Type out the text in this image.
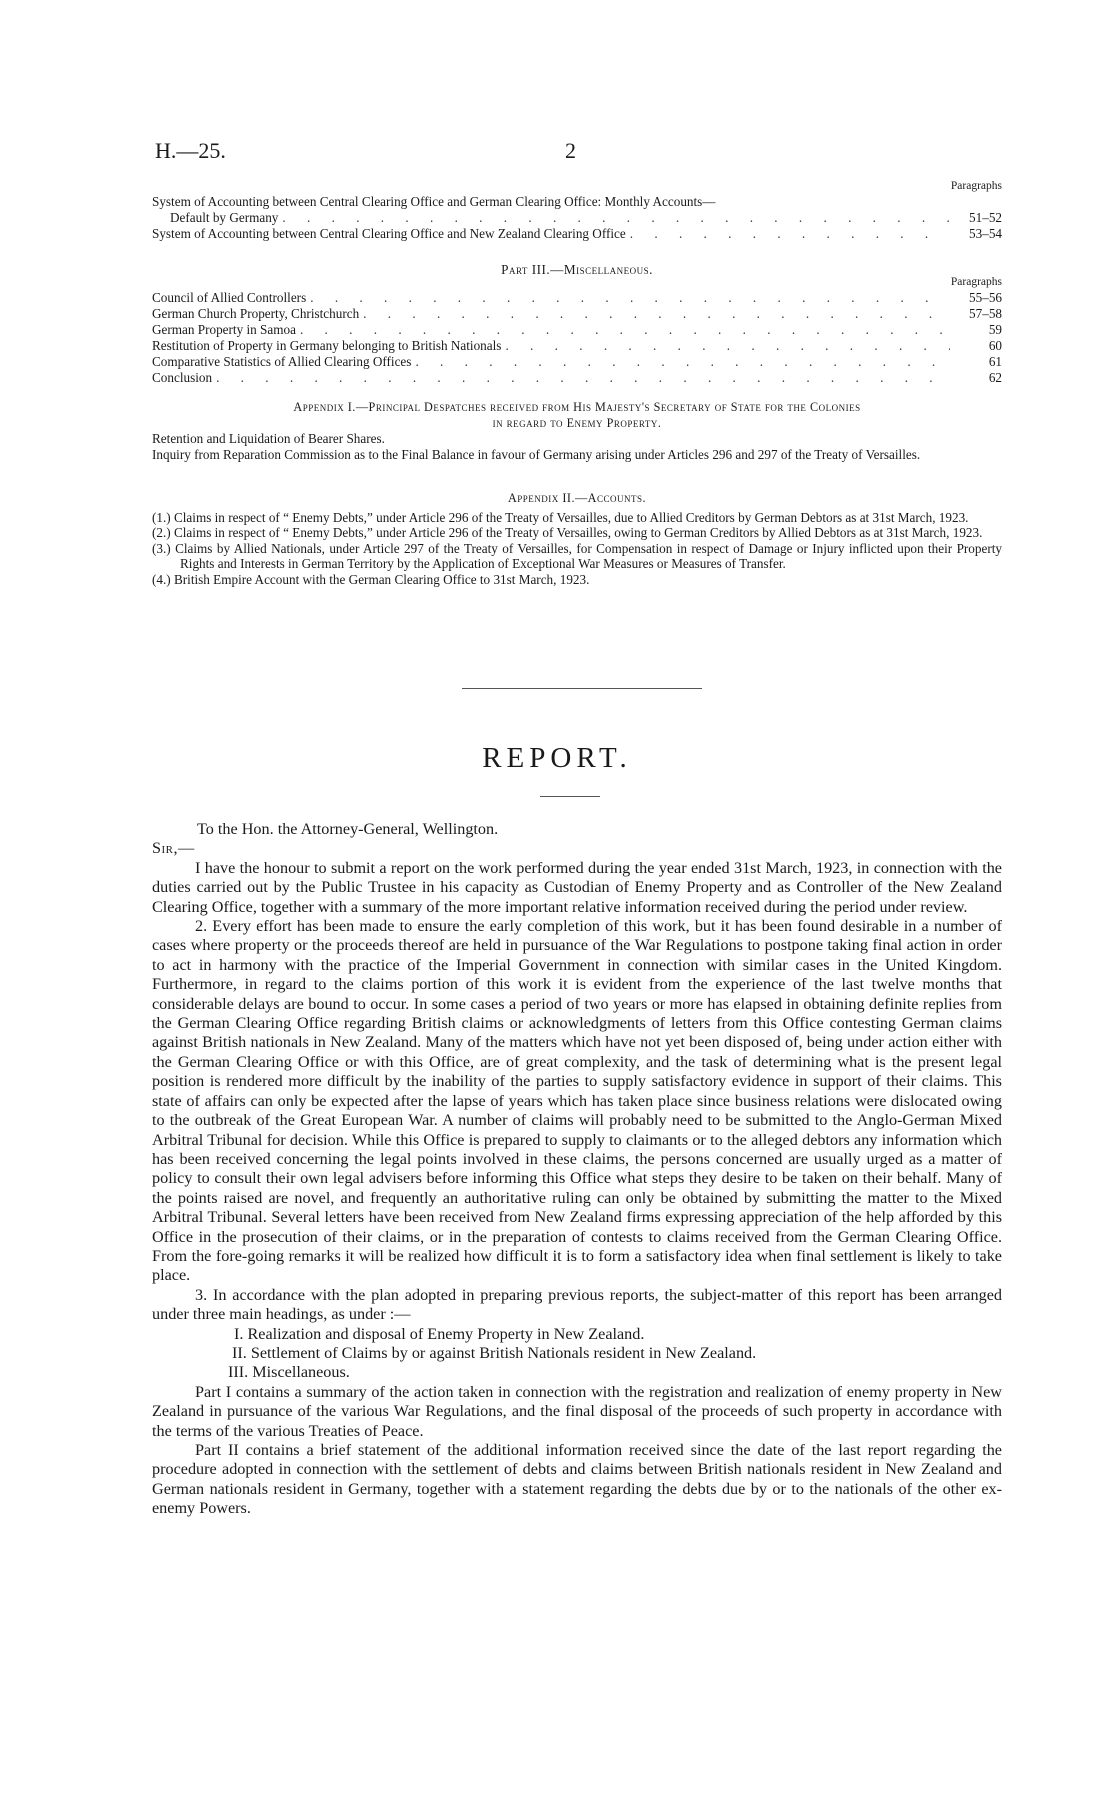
H.—25.	2
Paragraphs
System of Accounting between Central Clearing Office and German Clearing Office: Monthly Accounts—
Default by Germany . . .	51–52
System of Accounting between Central Clearing Office and New Zealand Clearing Office . . .	53–54
Part III.—Miscellaneous.
Paragraphs
Council of Allied Controllers . . .	55–56
German Church Property, Christchurch . . .	57–58
German Property in Samoa . . .	59
Restitution of Property in Germany belonging to British Nationals . . .	60
Comparative Statistics of Allied Clearing Offices . . .	61
Conclusion . . .	62
Appendix I.—Principal Despatches received from His Majesty's Secretary of State for the Colonies
in regard to Enemy Property.
Retention and Liquidation of Bearer Shares.
Inquiry from Reparation Commission as to the Final Balance in favour of Germany arising under Articles 296 and 297 of the Treaty of Versailles.
Appendix II.—Accounts.
(1.) Claims in respect of “ Enemy Debts,” under Article 296 of the Treaty of Versailles, due to Allied Creditors by German Debtors as at 31st March, 1923.
(2.) Claims in respect of “ Enemy Debts,” under Article 296 of the Treaty of Versailles, owing to German Creditors by Allied Debtors as at 31st March, 1923.
(3.) Claims by Allied Nationals, under Article 297 of the Treaty of Versailles, for Compensation in respect of Damage or Injury inflicted upon their Property Rights and Interests in German Territory by the Application of Exceptional War Measures or Measures of Transfer.
(4.) British Empire Account with the German Clearing Office to 31st March, 1923.
REPORT.

To the Hon. the Attorney-General, Wellington.

Sir,—

I have the honour to submit a report on the work performed during the year ended 31st March, 1923, in connection with the duties carried out by the Public Trustee in his capacity as Custodian of Enemy Property and as Controller of the New Zealand Clearing Office, together with a summary of the more important relative information received during the period under review.

2. Every effort has been made to ensure the early completion of this work, but it has been found desirable in a number of cases where property or the proceeds thereof are held in pursuance of the War Regulations to postpone taking final action in order to act in harmony with the practice of the Imperial Government in connection with similar cases in the United Kingdom. Furthermore, in regard to the claims portion of this work it is evident from the experience of the last twelve months that considerable delays are bound to occur. In some cases a period of two years or more has elapsed in obtaining definite replies from the German Clearing Office regarding British claims or acknowledgments of letters from this Office contesting German claims against British nationals in New Zealand. Many of the matters which have not yet been disposed of, being under action either with the German Clearing Office or with this Office, are of great complexity, and the task of determining what is the present legal position is rendered more difficult by the inability of the parties to supply satisfactory evidence in support of their claims. This state of affairs can only be expected after the lapse of years which has taken place since business relations were dislocated owing to the outbreak of the Great European War. A number of claims will probably need to be submitted to the Anglo-German Mixed Arbitral Tribunal for decision. While this Office is prepared to supply to claimants or to the alleged debtors any information which has been received concerning the legal points involved in these claims, the persons concerned are usually urged as a matter of policy to consult their own legal advisers before informing this Office what steps they desire to be taken on their behalf. Many of the points raised are novel, and frequently an authoritative ruling can only be obtained by submitting the matter to the Mixed Arbitral Tribunal. Several letters have been received from New Zealand firms expressing appreciation of the help afforded by this Office in the prosecution of their claims, or in the preparation of contests to claims received from the German Clearing Office. From the fore-going remarks it will be realized how difficult it is to form a satisfactory idea when final settlement is likely to take place.

3. In accordance with the plan adopted in preparing previous reports, the subject-matter of this report has been arranged under three main headings, as under :—

I. Realization and disposal of Enemy Property in New Zealand.

II. Settlement of Claims by or against British Nationals resident in New Zealand.

III. Miscellaneous.

Part I contains a summary of the action taken in connection with the registration and realization of enemy property in New Zealand in pursuance of the various War Regulations, and the final disposal of the proceeds of such property in accordance with the terms of the various Treaties of Peace.

Part II contains a brief statement of the additional information received since the date of the last report regarding the procedure adopted in connection with the settlement of debts and claims between British nationals resident in New Zealand and German nationals resident in Germany, together with a statement regarding the debts due by or to the nationals of the other ex-enemy Powers.
